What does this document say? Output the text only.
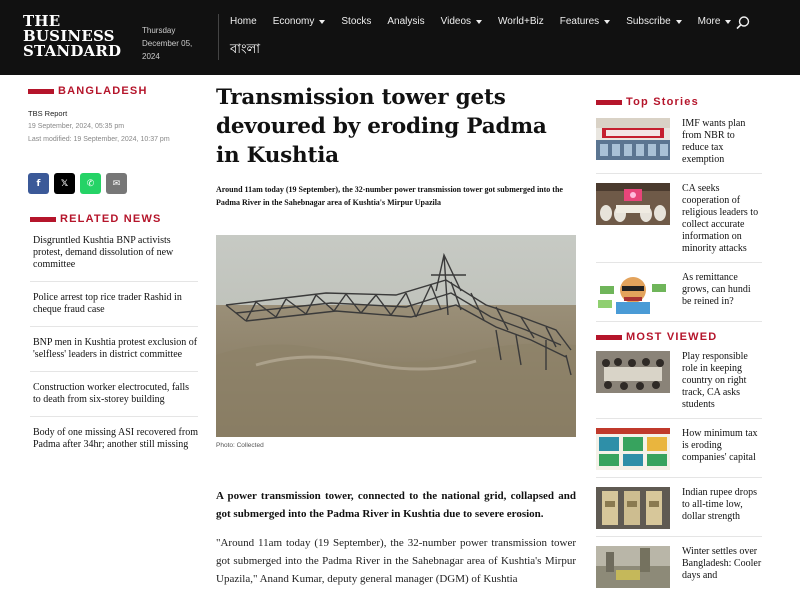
THE
BUSINESS
STANDARD
Thursday
December 05,
2024
Home Economy	Stocks Analysis Videos	World+Biz Features	Subscribe	More
বাংলা
BANGLADESH
TBS Report
19 September, 2024, 05:35 pm
Last modified: 19 September, 2024, 10:37 pm
f 𝕏 ✆ ✉
RELATED NEWS
Disgruntled Kushtia BNP activists protest, demand dissolution of new committee
Police arrest top rice trader Rashid in cheque fraud case
BNP men in Kushtia protest exclusion of 'selfless' leaders in district committee
Construction worker electrocuted, falls to death from six-storey building
Body of one missing ASI recovered from Padma after 34hr; another still missing
Transmission tower gets devoured by eroding Padma in Kushtia

Around 11am today (19 September), the 32-number power transmission tower got submerged into the Padma River in the Sahebnagar area of Kushtia's Mirpur Upazila

Photo: Collected

A power transmission tower, connected to the national grid, collapsed and got submerged into the Padma River in Kushtia due to severe erosion.

"Around 11am today (19 September), the 32-number power transmission tower got submerged into the Padma River in the Sahebnagar area of Kushtia's Mirpur Upazila," Anand Kumar, deputy general manager (DGM) of Kushtia

Top Stories
IMF wants plan from NBR to reduce tax exemption
CA seeks cooperation of religious leaders to collect accurate information on minority attacks
As remittance grows, can hundi be reined in?
MOST VIEWED
Play responsible role in keeping country on right track, CA asks students
How minimum tax is eroding companies' capital
Indian rupee drops to all-time low, dollar strength
Winter settles over Bangladesh: Cooler days and
